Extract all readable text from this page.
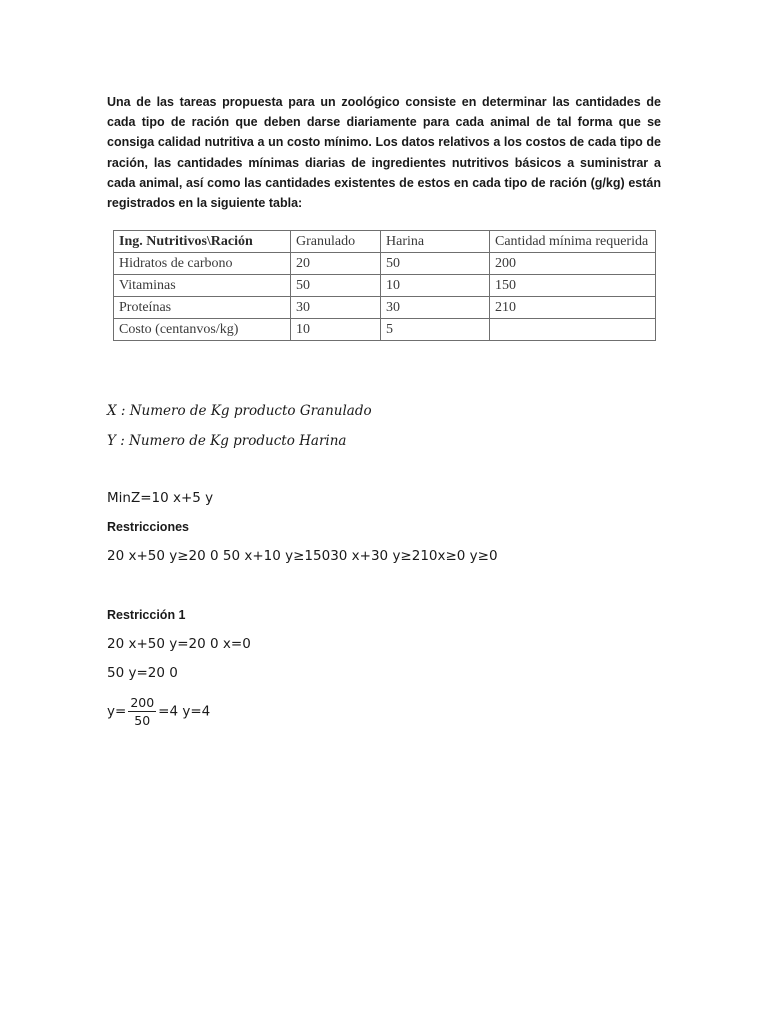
Una de las tareas propuesta para un zoológico consiste en determinar las cantidades de cada tipo de ración que deben darse diariamente para cada animal de tal forma que se consiga calidad nutritiva a un costo mínimo. Los datos relativos a los costos de cada tipo de ración, las cantidades mínimas diarias de ingredientes nutritivos básicos a suministrar a cada animal, así como las cantidades existentes de estos en cada tipo de ración (g/kg) están registrados en la siguiente tabla:
Ing. Nutritivos\Ración	Granulado	Harina	Cantidad mínima requerida
Hidratos de carbono	20	50	200
Vitaminas	50	10	150
Proteínas	30	30	210
Costo (centanvos/kg)	10	5	
X : Numero de Kg producto Granulado
Y : Numero de Kg producto Harina
MinZ=10 x+5 y
Restricciones
20 x+50 y≥20 0 50 x+10 y≥15030 x+30 y≥210x≥0 y≥0
Restricción 1
20 x+50 y=20 0 x=0
50 y=20 0
$y= \frac{200}{50} =4$ y=4
